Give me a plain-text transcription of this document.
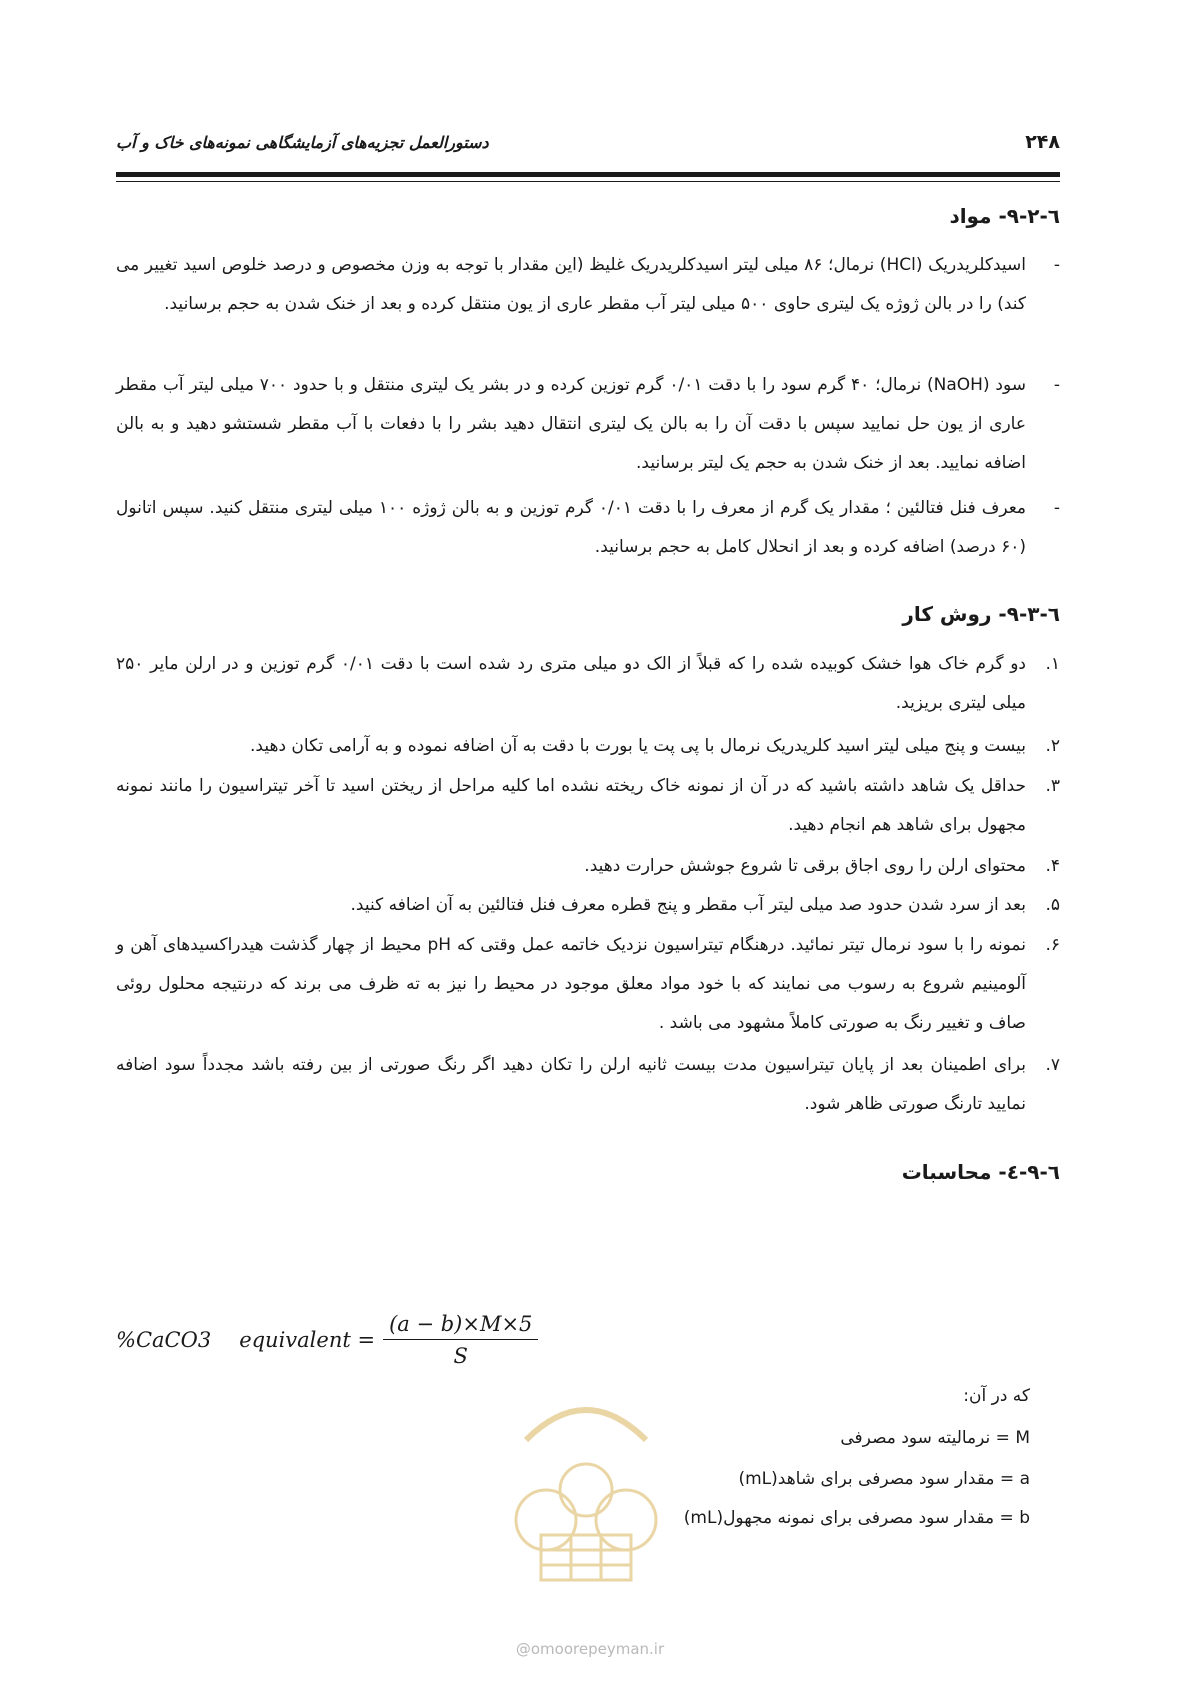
۲۴۸
دستورالعمل تجزیه‌های آزمایشگاهی نمونه‌های خاک و آب
٦-۹-۲- مواد
-
اسیدکلریدریک (HCl) نرمال؛ ۸۶ میلی لیتر اسیدکلریدریک غلیظ (این مقدار با توجه به وزن مخصوص و درصد خلوص اسید تغییر می کند) را در بالن ژوژه یک لیتری حاوی ۵۰۰ میلی لیتر آب مقطر عاری از یون منتقل کرده و بعد از خنک شدن به حجم برسانید.
-
سود (NaOH) نرمال؛ ۴۰ گرم سود را با دقت ۰/۰۱ گرم توزین کرده و در بشر یک لیتری منتقل و با حدود ۷۰۰ میلی لیتر آب مقطر عاری از یون حل نمایید سپس با دقت آن را به بالن یک لیتری انتقال دهید بشر را با دفعات با آب مقطر شستشو دهید و به بالن اضافه نمایید. بعد از خنک شدن به حجم یک لیتر برسانید.
-
معرف فنل فتالئین ؛ مقدار یک گرم از معرف را با دقت ۰/۰۱ گرم توزین و به بالن ژوژه ۱۰۰ میلی لیتری منتقل کنید. سپس اتانول (۶۰ درصد) اضافه کرده و بعد از انحلال کامل به حجم برسانید.
٦-۹-۳- روش کار
۱.
دو گرم خاک هوا خشک کوبیده شده را که قبلاً از الک دو میلی متری رد شده است با دقت ۰/۰۱ گرم توزین و در ارلن مایر ۲۵۰ میلی لیتری بریزید.
۲.
بیست و پنج میلی لیتر اسید کلریدریک نرمال با پی پت یا بورت با دقت به آن اضافه نموده و به آرامی تکان دهید.
۳.
حداقل یک شاهد داشته باشید که در آن از نمونه خاک ریخته نشده اما کلیه مراحل از ریختن اسید تا آخر تیتراسیون را مانند نمونه مجهول برای شاهد هم انجام دهید.
۴.
محتوای ارلن را روی اجاق برقی تا شروع جوشش حرارت دهید.
۵.
بعد از سرد شدن حدود صد میلی لیتر آب مقطر و پنج قطره معرف فنل فتالئین به آن اضافه کنید.
۶.
نمونه را با سود نرمال تیتر نمائید. درهنگام تیتراسیون نزدیک خاتمه عمل وقتی که pH محیط از چهار گذشت هیدراکسیدهای آهن و آلومینیم شروع به رسوب می نمایند که با خود مواد معلق موجود در محیط را نیز به ته ظرف می برند که درنتیجه محلول روئی صاف و تغییر رنگ به صورتی کاملاً مشهود می باشد .
۷.
برای اطمینان بعد از پایان تیتراسیون مدت بیست ثانیه ارلن را تکان دهید اگر رنگ صورتی از بین رفته باشد مجدداً سود اضافه نمایید تارنگ صورتی ظاهر شود.
٦-۹-٤- محاسبات
%CaCO3 equivalent = $\frac{(a - b)\times M\times 5}{S}$
که در آن:
M = نرمالیته سود مصرفی
a = مقدار سود مصرفی برای شاهد(mL)
b = مقدار سود مصرفی برای نمونه مجهول(mL)
@omoorepeyman.ir
